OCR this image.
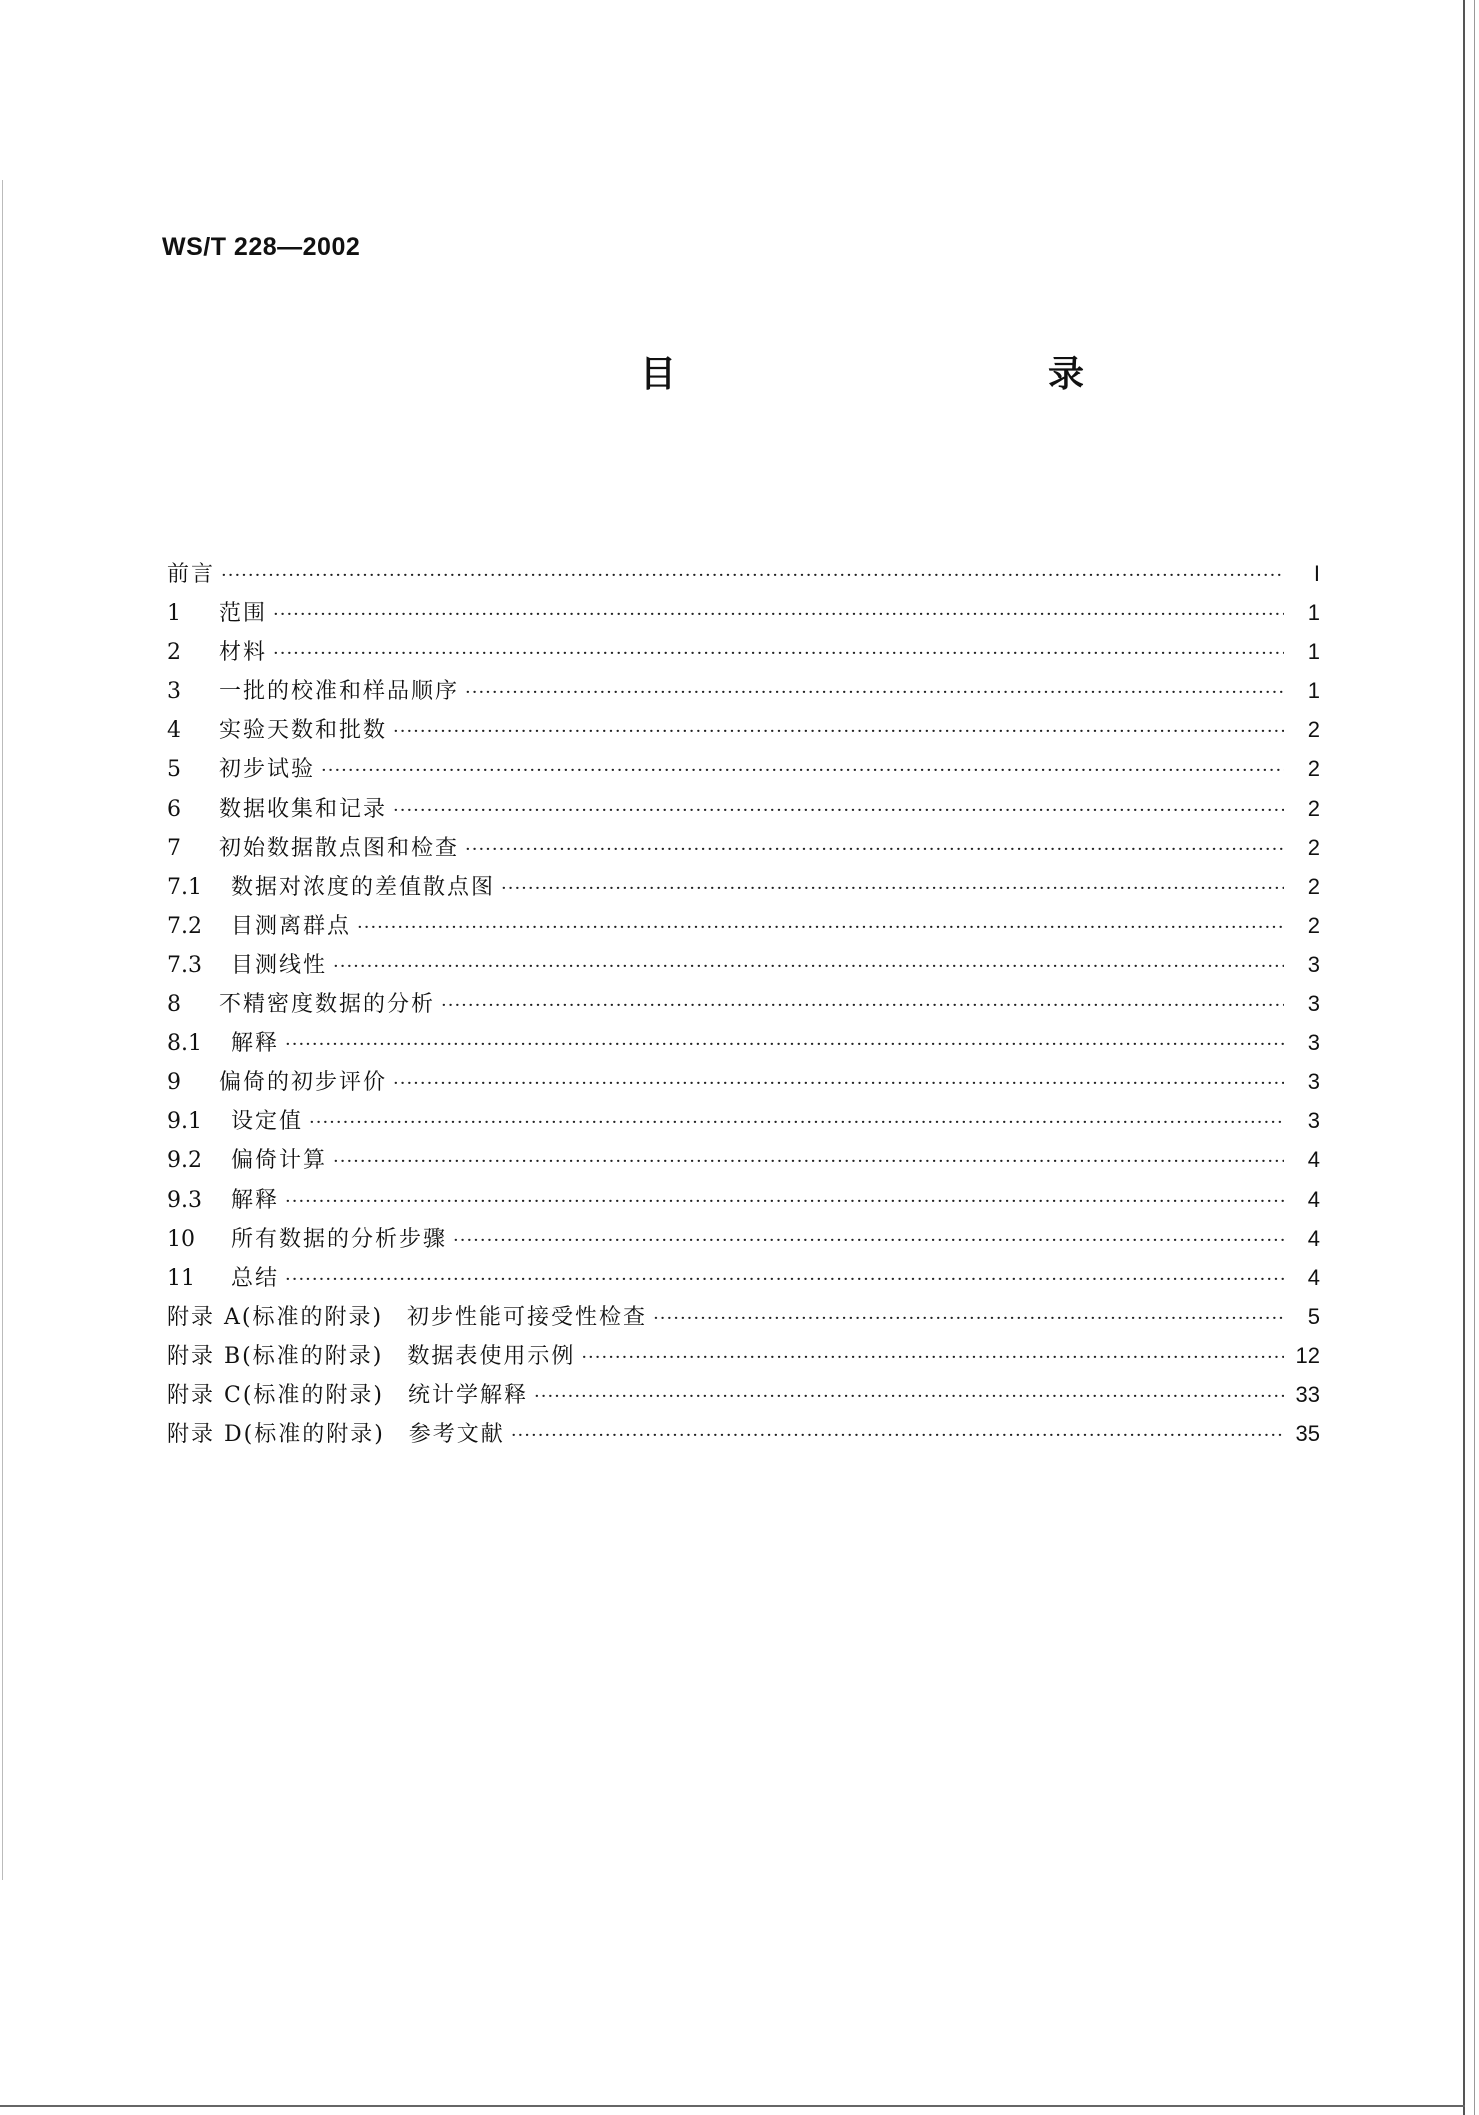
WS/T 228—2002
目　　录
前言 ·····	I
1	范围 ·····	1
2	材料 ·····	1
3	一批的校准和样品顺序 ·····	1
4	实验天数和批数 ·····	2
5	初步试验 ·····	2
6	数据收集和记录 ·····	2
7	初始数据散点图和检查 ·····	2
7.1	数据对浓度的差值散点图 ·····	2
7.2	目测离群点 ·····	2
7.3	目测线性 ·····	3
8	不精密度数据的分析 ·····	3
8.1	解释 ·····	3
9	偏倚的初步评价 ·····	3
9.1	设定值 ·····	3
9.2	偏倚计算 ·····	4
9.3	解释 ·····	4
10	所有数据的分析步骤 ·····	4
11	总结 ·····	4
附录 A(标准的附录)　初步性能可接受性检查 ·····	5
附录 B(标准的附录)　数据表使用示例 ·····	12
附录 C(标准的附录)　统计学解释 ·····	33
附录 D(标准的附录)　参考文献 ·····	35
